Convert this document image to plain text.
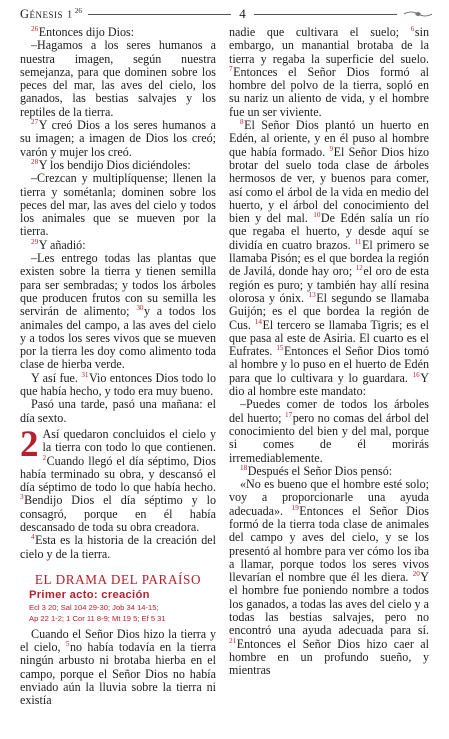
Génesis 1 $^{26}$	4

$^{26}$Entonces dijo Dios:

–Hagamos a los seres humanos a nuestra imagen, según nuestra semejanza, para que dominen sobre los peces del mar, las aves del cielo, los ganados, las bestias salvajes y los reptiles de la tierra.

$^{27}$Y creó Dios a los seres humanos a su imagen; a imagen de Dios los creó; varón y mujer los creó.

$^{28}$Y los bendijo Dios diciéndoles:

–Crezcan y multiplíquense; llenen la tierra y sométanla; dominen sobre los peces del mar, las aves del cielo y todos los animales que se mueven por la tierra.

$^{29}$Y añadió:

–Les entrego todas las plantas que existen sobre la tierra y tienen semilla para ser sembradas; y todos los árboles que producen frutos con su semilla les servirán de alimento; $^{30}$y a todos los animales del campo, a las aves del cielo y a todos los seres vivos que se mueven por la tierra les doy como alimento toda clase de hierba verde.

Y así fue. $^{31}$Vio entonces Dios todo lo que había hecho, y todo era muy bueno.

Pasó una tarde, pasó una mañana: el día sexto.

2 Así quedaron concluidos el cielo y la tierra con todo lo que contienen. $^2$Cuando llegó el día séptimo, Dios había terminado su obra, y descansó el día séptimo de todo lo que había hecho. $^3$Bendijo Dios el día séptimo y lo consagró, porque en él había descansado de toda su obra creadora.

$^4$Esta es la historia de la creación del cielo y de la tierra.

EL DRAMA DEL PARAÍSO
Primer acto: creación
Ecl 3 20; Sal 104 29-30; Job 34 14-15;
Ap 22 1-2; 1 Cor 11 8-9; Mt 19 5; Ef 5 31

Cuando el Señor Dios hizo la tierra y el cielo, $^5$no había todavía en la tierra ningún arbusto ni brotaba hierba en el campo, porque el Señor Dios no había enviado aún la lluvia sobre la tierra ni existía

nadie que cultivara el suelo; $^6$sin embargo, un manantial brotaba de la tierra y regaba la superficie del suelo. $^7$Entonces el Señor Dios formó al hombre del polvo de la tierra, sopló en su nariz un aliento de vida, y el hombre fue un ser viviente.

$^8$El Señor Dios plantó un huerto en Edén, al oriente, y en él puso al hombre que había formado. $^9$El Señor Dios hizo brotar del suelo toda clase de árboles hermosos de ver, y buenos para comer, así como el árbol de la vida en medio del huerto, y el árbol del conocimiento del bien y del mal. $^{10}$De Edén salía un río que regaba el huerto, y desde aquí se dividía en cuatro brazos. $^{11}$El primero se llamaba Pisón; es el que bordea la región de Javilá, donde hay oro; $^{12}$el oro de esta región es puro; y también hay allí resina olorosa y ónix. $^{13}$El segundo se llamaba Guijón; es el que bordea la región de Cus. $^{14}$El tercero se llamaba Tigris; es el que pasa al este de Asiria. El cuarto es el Eufrates. $^{15}$Entonces el Señor Dios tomó al hombre y lo puso en el huerto de Edén para que lo cultivara y lo guardara. $^{16}$Y dio al hombre este mandato:

–Puedes comer de todos los árboles del huerto; $^{17}$pero no comas del árbol del conocimiento del bien y del mal, porque si comes de él morirás irremediablemente.

$^{18}$Después el Señor Dios pensó:

«No es bueno que el hombre esté solo; voy a proporcionarle una ayuda adecuada». $^{19}$Entonces el Señor Dios formó de la tierra toda clase de animales del campo y aves del cielo, y se los presentó al hombre para ver cómo los iba a llamar, porque todos los seres vivos llevarían el nombre que él les diera. $^{20}$Y el hombre fue poniendo nombre a todos los ganados, a todas las aves del cielo y a todas las bestias salvajes, pero no encontró una ayuda adecuada para sí. $^{21}$Entonces el Señor Dios hizo caer al hombre en un profundo sueño, y mientras
